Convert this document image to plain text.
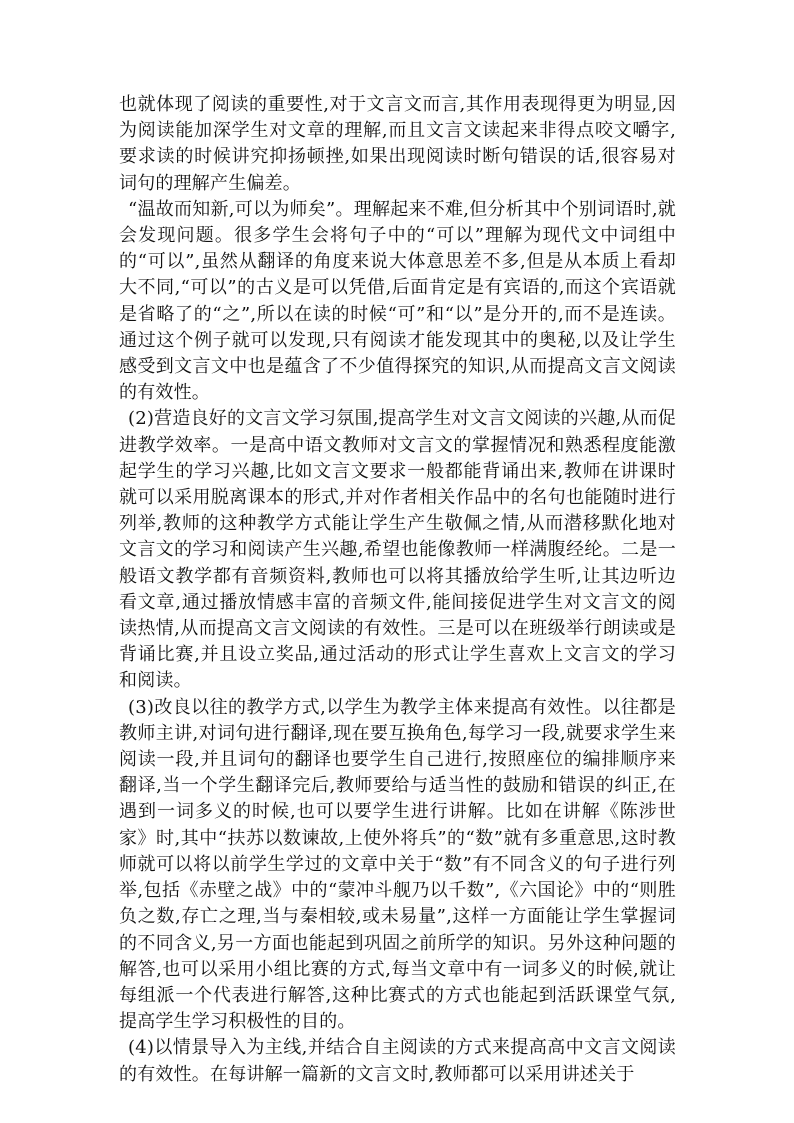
也就体现了阅读的重要性,对于文言文而言,其作用表现得更为明显,因为阅读能加深学生对文章的理解,而且文言文读起来非得点咬文嚼字,要求读的时候讲究抑扬顿挫,如果出现阅读时断句错误的话,很容易对词句的理解产生偏差。

“温故而知新,可以为师矣”。理解起来不难,但分析其中个别词语时,就会发现问题。很多学生会将句子中的“可以”理解为现代文中词组中的“可以”,虽然从翻译的角度来说大体意思差不多,但是从本质上看却大不同,“可以”的古义是可以凭借,后面肯定是有宾语的,而这个宾语就是省略了的“之”,所以在读的时候“可”和“以”是分开的,而不是连读。通过这个例子就可以发现,只有阅读才能发现其中的奥秘,以及让学生感受到文言文中也是蕴含了不少值得探究的知识,从而提高文言文阅读的有效性。

(2)营造良好的文言文学习氛围,提高学生对文言文阅读的兴趣,从而促进教学效率。一是高中语文教师对文言文的掌握情况和熟悉程度能激起学生的学习兴趣,比如文言文要求一般都能背诵出来,教师在讲课时就可以采用脱离课本的形式,并对作者相关作品中的名句也能随时进行列举,教师的这种教学方式能让学生产生敬佩之情,从而潜移默化地对文言文的学习和阅读产生兴趣,希望也能像教师一样满腹经纶。二是一般语文教学都有音频资料,教师也可以将其播放给学生听,让其边听边看文章,通过播放情感丰富的音频文件,能间接促进学生对文言文的阅读热情,从而提高文言文阅读的有效性。三是可以在班级举行朗读或是背诵比赛,并且设立奖品,通过活动的形式让学生喜欢上文言文的学习和阅读。

(3)改良以往的教学方式,以学生为教学主体来提高有效性。以往都是教师主讲,对词句进行翻译,现在要互换角色,每学习一段,就要求学生来阅读一段,并且词句的翻译也要学生自己进行,按照座位的编排顺序来翻译,当一个学生翻译完后,教师要给与适当性的鼓励和错误的纠正,在遇到一词多义的时候,也可以要学生进行讲解。比如在讲解《陈涉世家》时,其中“扶苏以数谏故,上使外将兵”的“数”就有多重意思,这时教师就可以将以前学生学过的文章中关于“数”有不同含义的句子进行列举,包括《赤壁之战》中的“蒙冲斗舰乃以千数”,《六国论》中的“则胜负之数,存亡之理,当与秦相较,或未易量”,这样一方面能让学生掌握词的不同含义,另一方面也能起到巩固之前所学的知识。另外这种问题的解答,也可以采用小组比赛的方式,每当文章中有一词多义的时候,就让每组派一个代表进行解答,这种比赛式的方式也能起到活跃课堂气氛,提高学生学习积极性的目的。

(4)以情景导入为主线,并结合自主阅读的方式来提高高中文言文阅读的有效性。在每讲解一篇新的文言文时,教师都可以采用讲述关于
